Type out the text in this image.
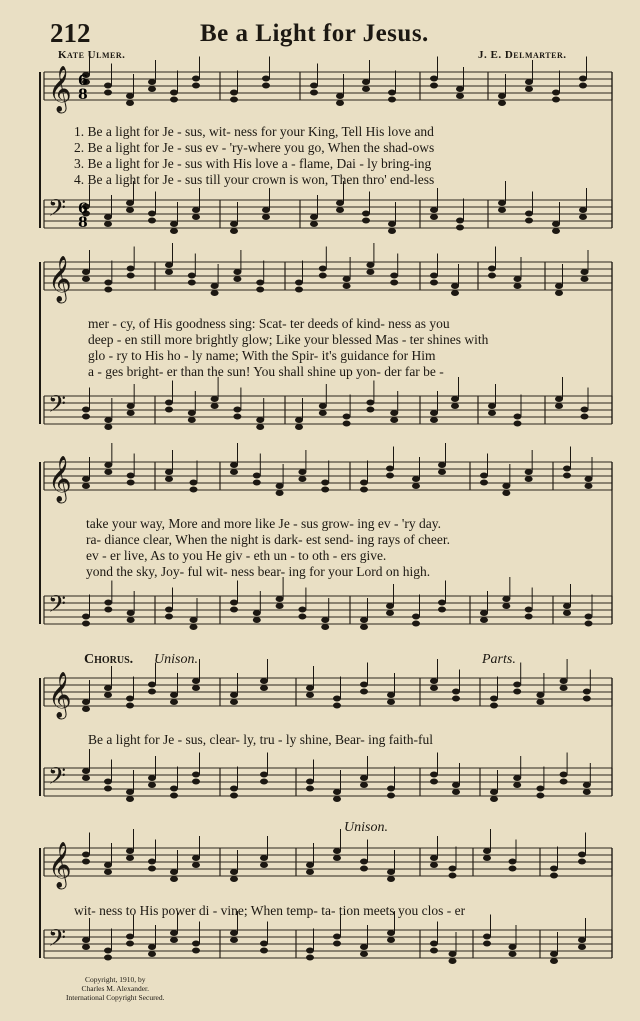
212	Be a Light for Jesus.
Kate Ulmer.	J. E. Delmarter.
𝄞
𝄢
𝄞
𝄢
𝄞
𝄢
𝄞
𝄢
𝄞
𝄢
6
8
6
8
1. Be a light for Je - sus, wit- ness for your King, Tell His love and
2. Be a light for Je - sus ev - 'ry-where you go, When the shad-ows
3. Be a light for Je - sus with His love a - flame, Dai - ly bring-ing
4. Be a light for Je - sus till your crown is won, Then thro' end-less
mer - cy, of His goodness sing: Scat- ter deeds of kind- ness as you
deep - en still more brightly glow; Like your blessed Mas - ter shines with
glo - ry to His ho - ly name; With the Spir- it's guidance for Him
a - ges bright- er than the sun! You shall shine up yon- der far be -
take your way, More and more like Je - sus grow- ing ev - 'ry day.
ra- diance clear, When the night is dark- est send- ing rays of cheer.
ev - er live, As to you He giv - eth un - to oth - ers give.
yond the sky, Joy- ful wit- ness bear- ing for your Lord on high.
Chorus. Unison.	Parts.
Be a light for Je - sus, clear- ly, tru - ly shine, Bear- ing faith-ful
Unison.
wit- ness to His power di - vine; When temp- ta- tion meets you clos - er
Copyright, 1910, by
Charles M. Alexander.
International Copyright Secured.
